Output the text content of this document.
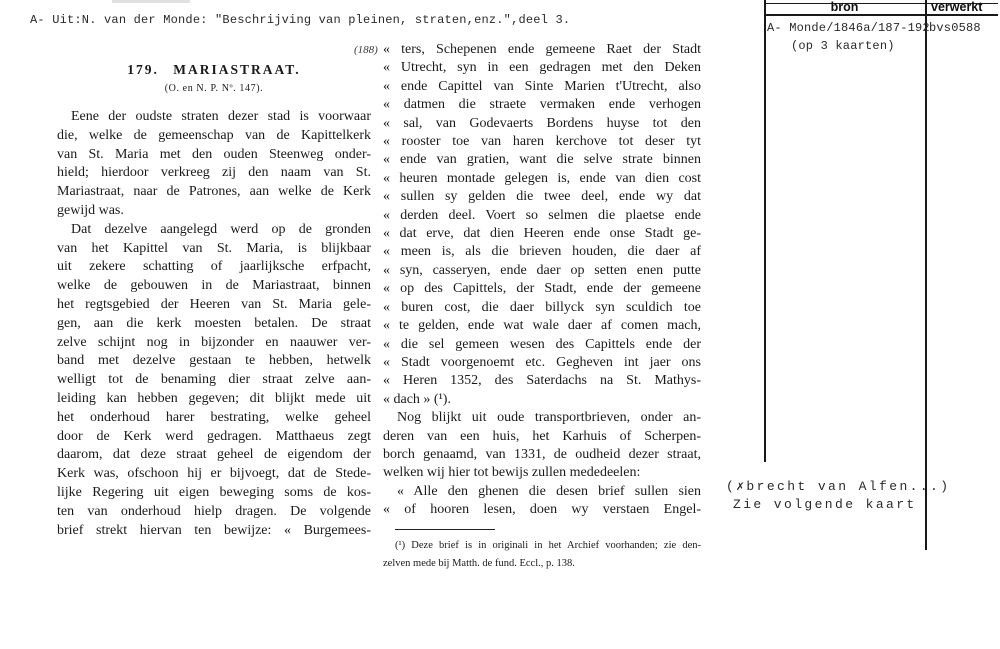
A- Uit:N. van der Monde: "Beschrijving van pleinen, straten,enz.",deel 3.
(188)
179. MARIASTRAAT.
(O. en N. P. Nº. 147).
Eene der oudste straten dezer stad is voorwaar
die, welke de gemeenschap van de Kapittelkerk
van St. Maria met den ouden Steenweg onder-
hield; hierdoor verkreeg zij den naam van St.
Mariastraat, naar de Patrones, aan welke de Kerk
gewijd was.
Dat dezelve aangelegd werd op de gronden
van het Kapittel van St. Maria, is blijkbaar
uit zekere schatting of jaarlijksche erfpacht,
welke de gebouwen in de Mariastraat, binnen
het regtsgebied der Heeren van St. Maria gele-
gen, aan die kerk moesten betalen. De straat
zelve schijnt nog in bijzonder en naauwer ver-
band met dezelve gestaan te hebben, hetwelk
welligt tot de benaming dier straat zelve aan-
leiding kan hebben gegeven; dit blijkt mede uit
het onderhoud harer bestrating, welke geheel
door de Kerk werd gedragen. Matthaeus zegt
daarom, dat deze straat geheel de eigendom der
Kerk was, ofschoon hij er bijvoegt, dat de Stede-
lijke Regering uit eigen beweging soms de kos-
ten van onderhoud hielp dragen. De volgende
brief strekt hiervan ten bewijze: « Burgemees-
« ters, Schepenen ende gemeene Raet der Stadt
« Utrecht, syn in een gedragen met den Deken
« ende Capittel van Sinte Marien t'Utrecht, also
« datmen die straete vermaken ende verhogen
« sal, van Godevaerts Bordens huyse tot den
« rooster toe van haren kerchove tot deser tyt
« ende van gratien, want die selve strate binnen
« heuren montade gelegen is, ende van dien cost
« sullen sy gelden die twee deel, ende wy dat
« derden deel. Voert so selmen die plaetse ende
« dat erve, dat dien Heeren ende onse Stadt ge-
« meen is, als die brieven houden, die daer af
« syn, casseryen, ende daer op setten enen putte
« op des Capittels, der Stadt, ende der gemeene
« buren cost, die daer billyck syn sculdich toe
« te gelden, ende wat wale daer af comen mach,
« die sel gemeen wesen des Capittels ende der
« Stadt voorgenoemt etc. Gegheven int jaer ons
« Heren 1352, des Saterdachs na St. Mathys-
« dach » (¹).
Nog blijkt uit oude transportbrieven, onder an-
deren van een huis, het Karhuis of Scherpen-
borch genaamd, van 1331, de oudheid dezer straat,
welken wij hier tot bewijs zullen mededeelen:
« Alle den ghenen die desen brief sullen sien
« of hooren lesen, doen wy verstaen Engel-
(¹) Deze brief is in originali in het Archief voorhanden; zie den-
zelven mede bij Matth. de fund. Eccl., p. 138.
bron	verwerkt
A- Monde/1846a/187-192
(op 3 kaarten)
bvs0588
(✗brecht van Alfen...)
Zie volgende kaart
